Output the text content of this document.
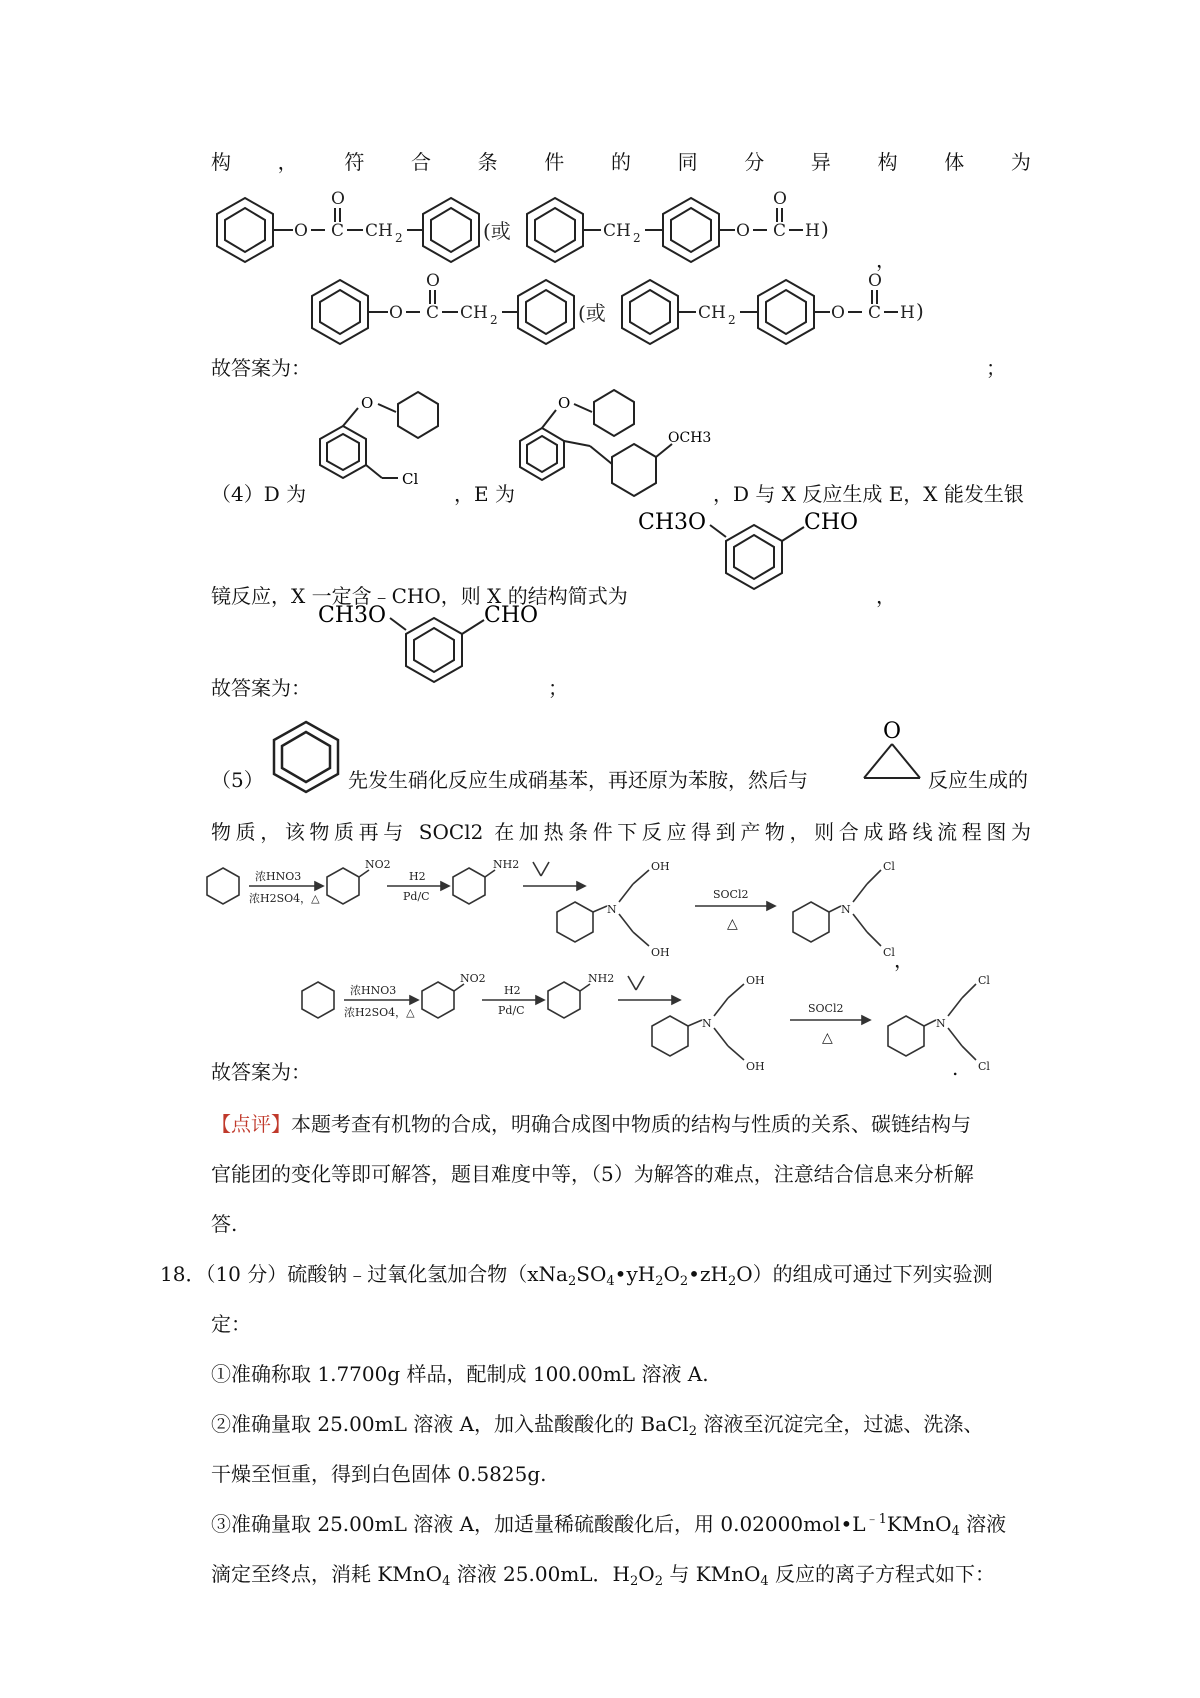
构 ， 符 合 条 件 的 同 分 异 构 体 为
O
O
C CH 2	(或	CH 2	O
O
C H )
，
O
O
C CH 2	(或	CH 2	O
O
C H )
故答案为：	；
O
Cl
O
OCH3
（4）D 为	，E 为	，D 与 X 反应生成 E，X 能发生银
CH3O	CHO
镜反应，X 一定含﹣CHO，则 X 的结构简式为	，
CH3O	CHO
故答案为：	；
（5）	先发生硝化反应生成硝基苯，再还原为苯胺，然后与
O
反应生成的
物质，该物质再与 SOCl2 在加热条件下反应得到产物，则合成路线流程图为
浓HNO3
浓H2SO4，△
NO2
H2
Pd/C
NH2
N
OH
OH
SOCl2
△
N
Cl
Cl ，
浓HNO3
浓H2SO4，△
NO2
H2
Pd/C
NH2
N
OH
OH
SOCl2
△
N
Cl
Cl
故答案为：	.
【点评】本题考查有机物的合成，明确合成图中物质的结构与性质的关系、碳链结构与
官能团的变化等即可解答，题目难度中等，（5）为解答的难点，注意结合信息来分析解
答.
18．（10 分）硫酸钠﹣过氧化氢加合物$(xNa_2SO_4•yH_2O_2•zH_2O)$的组成可通过下列实验测
定：
①准确称取 1.7700g 样品，配制成 100.00mL 溶液 A.
②准确量取 25.00mL 溶液 A，加入盐酸酸化的 BaCl$_2$ 溶液至沉淀完全，过滤、洗涤、
干燥至恒重，得到白色固体 0.5825g.
③准确量取 25.00mL 溶液 A，加适量稀硫酸酸化后，用 $0.02000mol•L^{﹣1}KMnO_4$ 溶液
滴定至终点，消耗 KMnO$_4$ 溶液 25.00mL．$H_2O_2$ 与 KMnO$_4$ 反应的离子方程式如下：
